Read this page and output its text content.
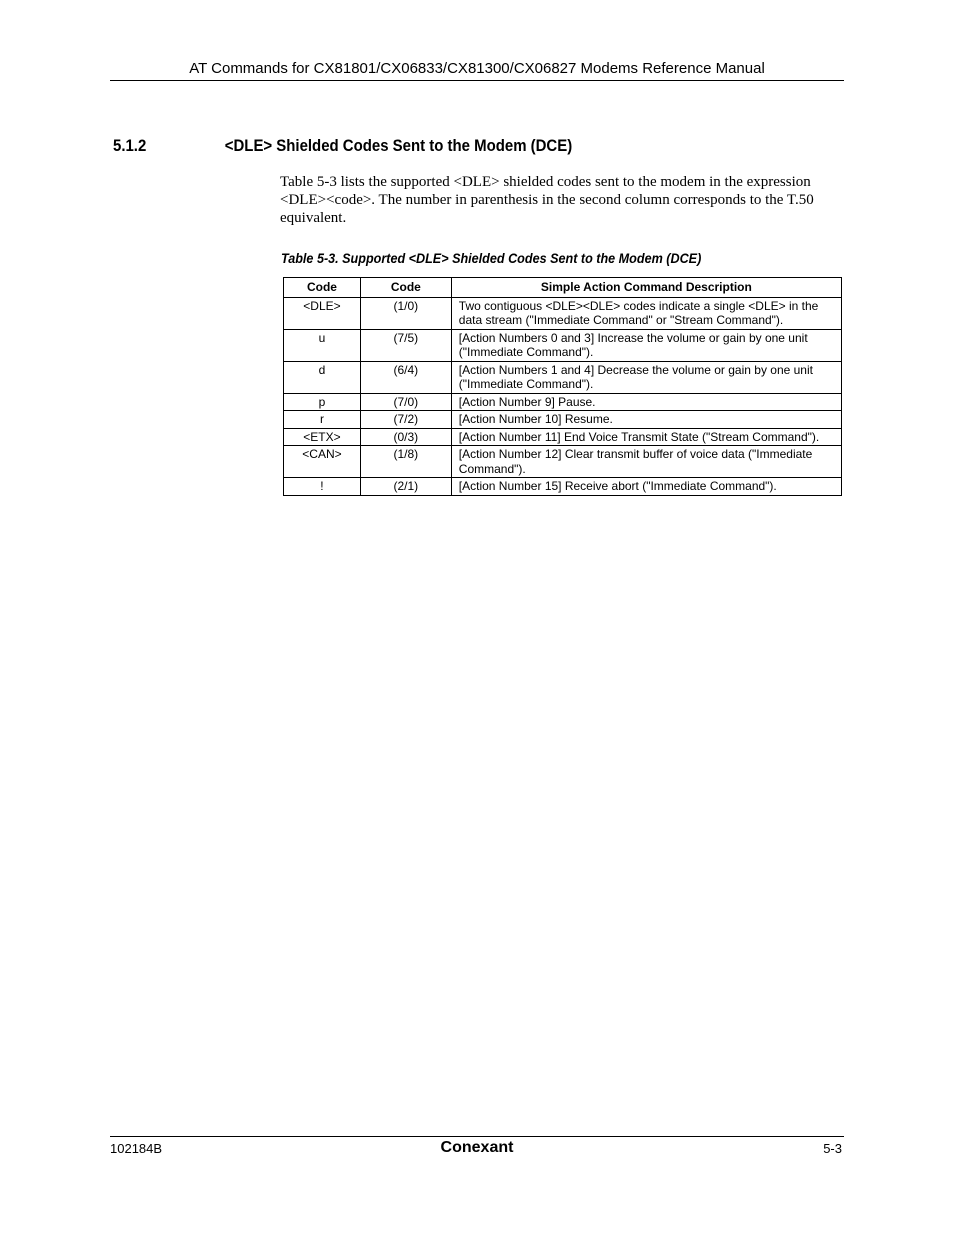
AT Commands for CX81801/CX06833/CX81300/CX06827 Modems Reference Manual
5.1.2	<DLE> Shielded Codes Sent to the Modem (DCE)

Table 5-3 lists the supported <DLE> shielded codes sent to the modem in the expression <DLE><code>. The number in parenthesis in the second column corresponds to the T.50 equivalent.

Table 5-3. Supported <DLE> Shielded Codes Sent to the Modem (DCE)
Code	Code	Simple Action Command Description
<DLE>	(1/0)	Two contiguous <DLE><DLE> codes indicate a single <DLE> in the data stream ("Immediate Command" or "Stream Command").
u	(7/5)	[Action Numbers 0 and 3] Increase the volume or gain by one unit ("Immediate Command").
d	(6/4)	[Action Numbers 1 and 4] Decrease the volume or gain by one unit ("Immediate Command").
p	(7/0)	[Action Number 9] Pause.
r	(7/2)	[Action Number 10] Resume.
<ETX>	(0/3)	[Action Number 11] End Voice Transmit State ("Stream Command").
<CAN>	(1/8)	[Action Number 12] Clear transmit buffer of voice data ("Immediate Command").
!	(2/1)	[Action Number 15] Receive abort ("Immediate Command").
102184B	Conexant	5-3
